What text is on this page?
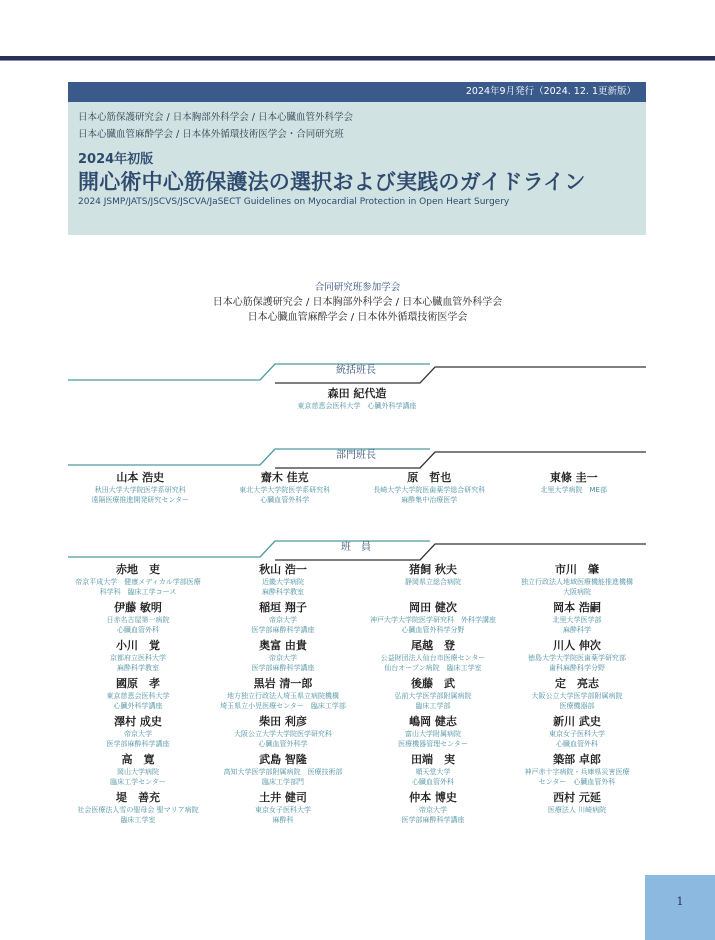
2024年9月発行（2024. 12. 1更新版）
日本心筋保護研究会 / 日本胸部外科学会 / 日本心臓血管外科学会
日本心臓血管麻酔学会 / 日本体外循環技術医学会・合同研究班
2024年初版
開心術中心筋保護法の選択および実践のガイドライン
2024 JSMP/JATS/JSCVS/JSCVA/JaSECT Guidelines on Myocardial Protection in Open Heart Surgery
合同研究班参加学会
日本心筋保護研究会 / 日本胸部外科学会 / 日本心臓血管外科学会
日本心臓血管麻酔学会 / 日本体外循環技術医学会
統括班長
森田 紀代造
東京慈恵会医科大学　心臓外科学講座
部門班長
山本 浩史
秋田大学大学院医学系研究科
遠隔医療推進開発研究センター
齋木 佳克
東北大学大学院医学系研究科
心臓血管外科学
原　哲也
長崎大学大学院医歯薬学総合研究科
麻酔集中治療医学
東條 圭一
北里大学病院　ME部
班　員
赤地　吏
帝京平成大学　健康メディカル学部医療
科学科　臨床工学コース
秋山 浩一
近畿大学病院
麻酔科学教室
猪飼 秋夫
静岡県立総合病院
市川　肇
独立行政法人地域医療機能推進機構
大阪病院
伊藤 敏明
日赤名古屋第一病院
心臓血管外科
稲垣 翔子
帝京大学
医学部麻酔科学講座
岡田 健次
神戸大学大学院医学研究科　外科学講座
心臓血管外科学分野
岡本 浩嗣
北里大学医学部
麻酔科学
小川　覚
京都府立医科大学
麻酔科学教室
奥富 由貴
帝京大学
医学部麻酔科学講座
尾越　登
公益財団法人仙台市医療センター
仙台オープン病院　臨床工学室
川人 伸次
徳島大学大学院医歯薬学研究部
歯科麻酔科学分野
國原　孝
東京慈恵会医科大学
心臓外科学講座
黒岩 清一郎
地方独立行政法人埼玉県立病院機構
埼玉県立小児医療センター　臨床工学部
後藤　武
弘前大学医学部附属病院
臨床工学部
定　亮志
大阪公立大学医学部附属病院
医療機器部
澤村 成史
帝京大学
医学部麻酔科学講座
柴田 利彦
大阪公立大学大学院医学研究科
心臓血管外科学
嶋岡 健志
富山大学附属病院
医療機器管理センター
新川 武史
東京女子医科大学
心臓血管外科
高　寛
岡山大学病院
臨床工学センター
武島 智隆
高知大学医学部附属病院　医療技術部
臨床工学部門
田端　実
順天堂大学
心臓血管外科
築部 卓郎
神戸赤十字病院・兵庫県災害医療
センター　心臓血管外科
堤　善充
社会医療法人雪の聖母会 聖マリア病院
臨床工学室
土井 健司
東京女子医科大学
麻酔科
仲本 博史
帝京大学
医学部麻酔科学講座
西村 元延
医療法人 川崎病院
1
